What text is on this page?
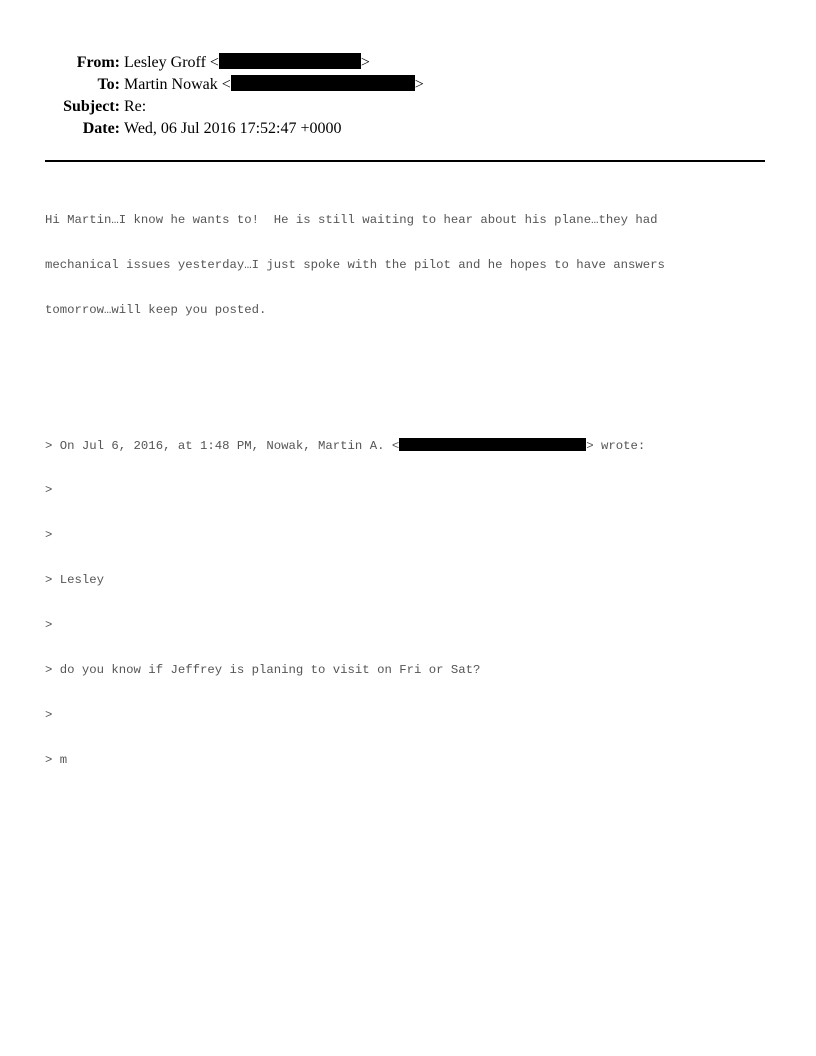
From: Lesley Groff <	>
To: Martin Nowak <	>
Subject: Re:
Date: Wed, 06 Jul 2016 17:52:47 +0000

Hi Martin…I know he wants to!  He is still waiting to hear about his plane…they had

mechanical issues yesterday…I just spoke with the pilot and he hopes to have answers

tomorrow…will keep you posted.

> On Jul 6, 2016, at 1:48 PM, Nowak, Martin A. <	> wrote:

>

>

> Lesley

>

> do you know if Jeffrey is planing to visit on Fri or Sat?

>

> m
